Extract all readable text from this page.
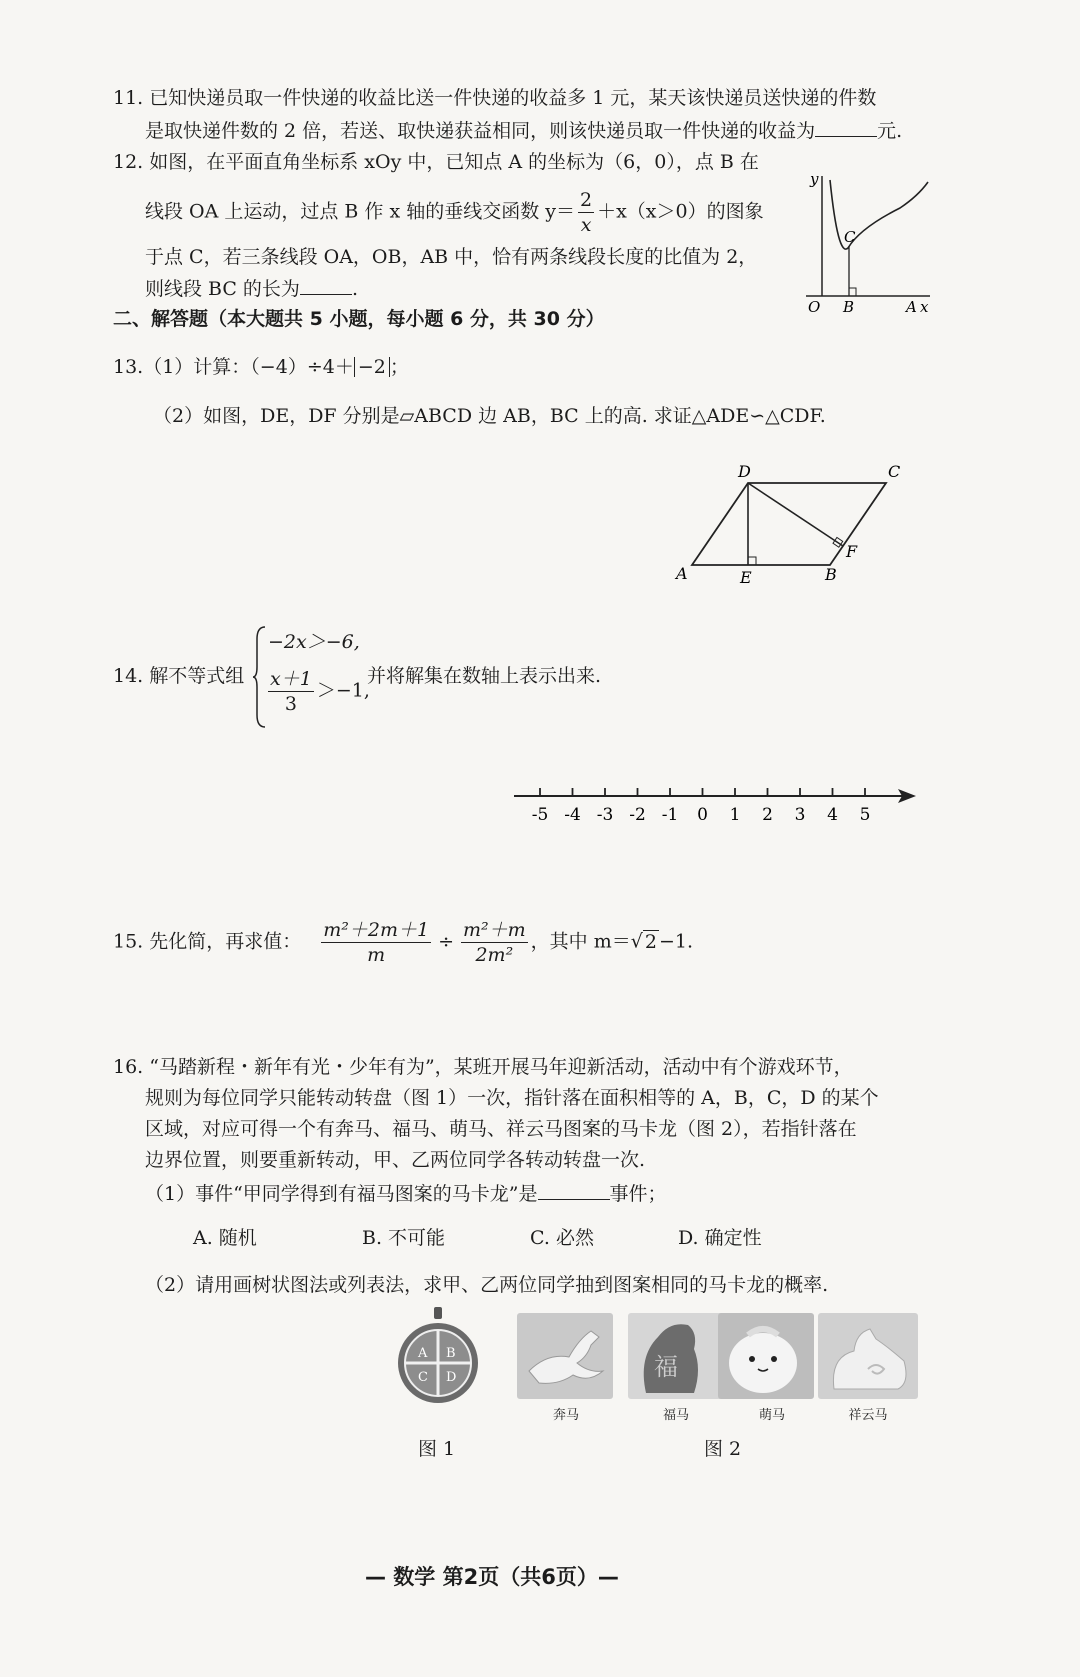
11. 已知快递员取一件快递的收益比送一件快递的收益多 1 元，某天该快递员送快递的件数
是取快递件数的 2 倍，若送、取快递获益相同，则该快递员取一件快递的收益为	元.
12. 如图，在平面直角坐标系 xOy 中，已知点 A 的坐标为（6，0），点 B 在
线段 OA 上运动，过点 B 作 x 轴的垂线交函数 $y= \frac{2}{x} +x(x>0)$的图象
于点 C，若三条线段 OA，OB，AB 中，恰有两条线段长度的比值为 2，
则线段 BC 的长为	.
y
C
O B	A x
二、解答题（本大题共 5 小题，每小题 6 分，共 30 分）
13.（1）计算：（−4）÷4＋ −2 ；
（2）如图，DE，DF 分别是▱ABCD 边 AB，BC 上的高. 求证△ADE∽△CDF.
D	C
A	E	B
F
14. 解不等式组
−2x＞−6,
$\frac{x+1}{3} >-1$,
并将解集在数轴上表示出来.
-5 -4 -3 -2 -1 0 1 2 3 4 5
15. 先化简，再求值： $\frac{\text{m²＋2m＋1}}{m} \div \frac{\text{m²＋m}}{\text{2m²}}$ ，其中 m＝√ 2 −1.
16. “马踏新程・新年有光・少年有为”，某班开展马年迎新活动，活动中有个游戏环节，
规则为每位同学只能转动转盘（图 1）一次，指针落在面积相等的 A，B，C，D 的某个
区域，对应可得一个有奔马、福马、萌马、祥云马图案的马卡龙（图 2），若指针落在
边界位置，则要重新转动，甲、乙两位同学各转动转盘一次.
（1）事件“甲同学得到有福马图案的马卡龙”是	事件；
A. 随机	B. 不可能	C. 必然	D. 确定性
（2）请用画树状图法或列表法，求甲、乙两位同学抽到图案相同的马卡龙的概率.
A B
C D	福
奔马	福马	萌马	祥云马
图 1	图 2
— 数学 第2页（共6页）—
